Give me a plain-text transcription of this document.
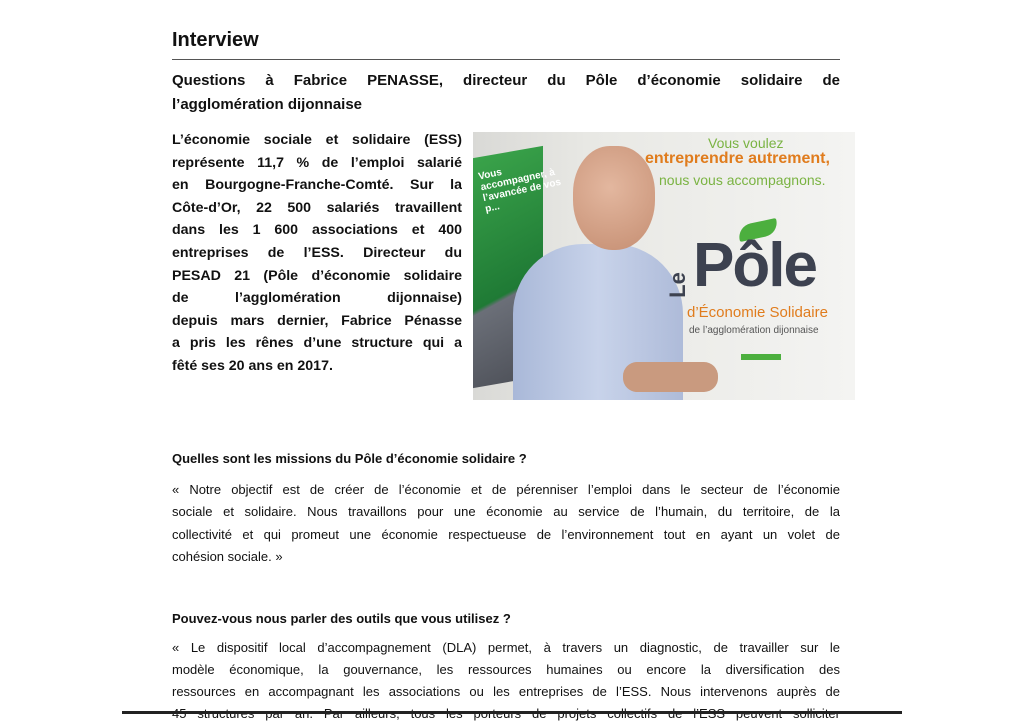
Interview
Questions à Fabrice PENASSE, directeur du Pôle d’économie solidaire de
l’agglomération dijonnaise
L’économie sociale et solidaire (ESS)
représente 11,7 % de l’emploi salarié
en Bourgogne-Franche-Comté. Sur la
Côte-d’Or, 22 500 salariés travaillent
dans les 1 600 associations et 400
entreprises de l’ESS. Directeur du
PESAD 21 (Pôle d’économie solidaire
de l’agglomération dijonnaise)
depuis mars dernier, Fabrice Pénasse
a pris les rênes d’une structure qui a
fêté ses 20 ans en 2017.
Vous accompagner, à l’avancée de vos p...
Vous voulez
entreprendre autrement,
nous vous accompagnons.
Le Pôle
d’Économie Solidaire
de l’agglomération dijonnaise
Quelles sont les missions du Pôle d’économie solidaire ?
« Notre objectif est de créer de l’économie et de pérenniser l’emploi dans le secteur de l’économie
sociale et solidaire. Nous travaillons pour une économie au service de l’humain, du territoire, de la
collectivité et qui promeut une économie respectueuse de l’environnement tout en ayant un volet de
cohésion sociale. »
Pouvez-vous nous parler des outils que vous utilisez ?
« Le dispositif local d’accompagnement (DLA) permet, à travers un diagnostic, de travailler sur le
modèle économique, la gouvernance, les ressources humaines ou encore la diversification des
ressources en accompagnant les associations ou les entreprises de l’ESS. Nous intervenons auprès de
